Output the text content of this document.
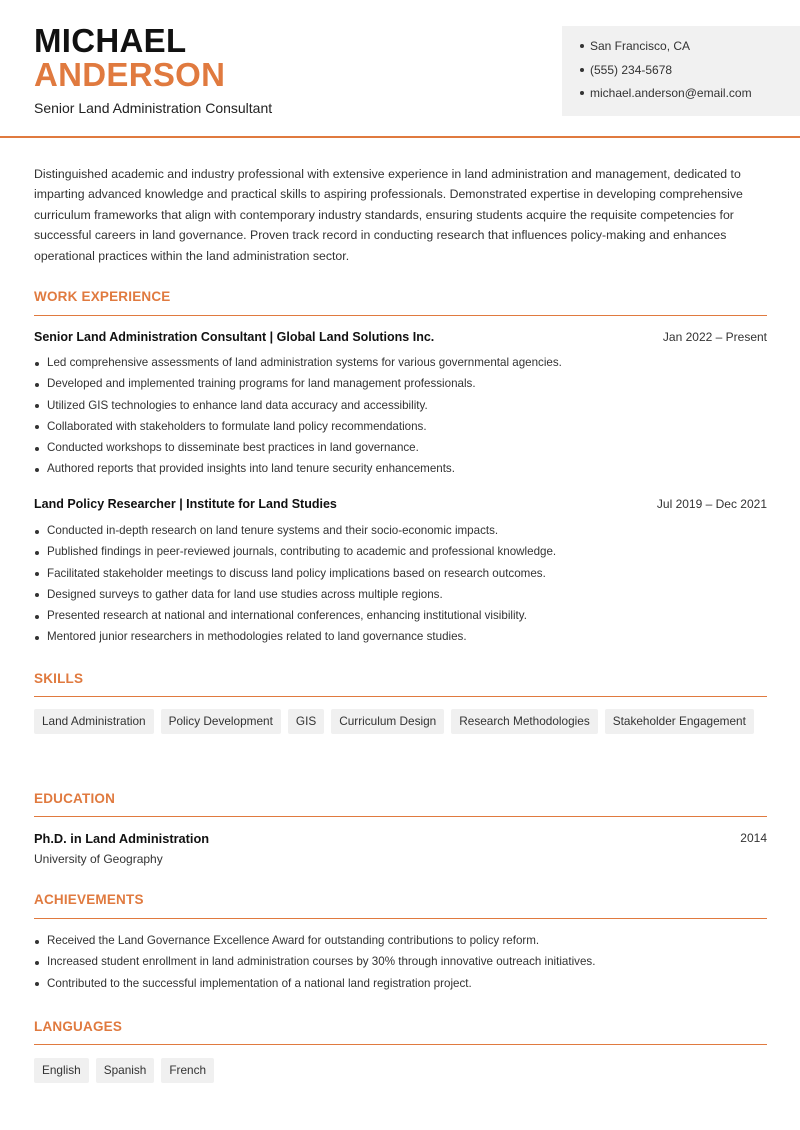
MICHAEL
ANDERSON
Senior Land Administration Consultant
San Francisco, CA
(555) 234-5678
michael.anderson@email.com

Distinguished academic and industry professional with extensive experience in land administration and management, dedicated to imparting advanced knowledge and practical skills to aspiring professionals. Demonstrated expertise in developing comprehensive curriculum frameworks that align with contemporary industry standards, ensuring students acquire the requisite competencies for successful careers in land governance. Proven track record in conducting research that influences policy-making and enhances operational practices within the land administration sector.

WORK EXPERIENCE
Senior Land Administration Consultant | Global Land Solutions Inc.	Jan 2022 – Present
Led comprehensive assessments of land administration systems for various governmental agencies.
Developed and implemented training programs for land management professionals.
Utilized GIS technologies to enhance land data accuracy and accessibility.
Collaborated with stakeholders to formulate land policy recommendations.
Conducted workshops to disseminate best practices in land governance.
Authored reports that provided insights into land tenure security enhancements.
Land Policy Researcher | Institute for Land Studies	Jul 2019 – Dec 2021
Conducted in-depth research on land tenure systems and their socio-economic impacts.
Published findings in peer-reviewed journals, contributing to academic and professional knowledge.
Facilitated stakeholder meetings to discuss land policy implications based on research outcomes.
Designed surveys to gather data for land use studies across multiple regions.
Presented research at national and international conferences, enhancing institutional visibility.
Mentored junior researchers in methodologies related to land governance studies.
SKILLS
Land Administration	Policy Development	GIS	Curriculum Design	Research Methodologies	Stakeholder Engagement
EDUCATION
Ph.D. in Land Administration	2014
University of Geography
ACHIEVEMENTS
Received the Land Governance Excellence Award for outstanding contributions to policy reform.
Increased student enrollment in land administration courses by 30% through innovative outreach initiatives.
Contributed to the successful implementation of a national land registration project.
LANGUAGES
English	Spanish	French
